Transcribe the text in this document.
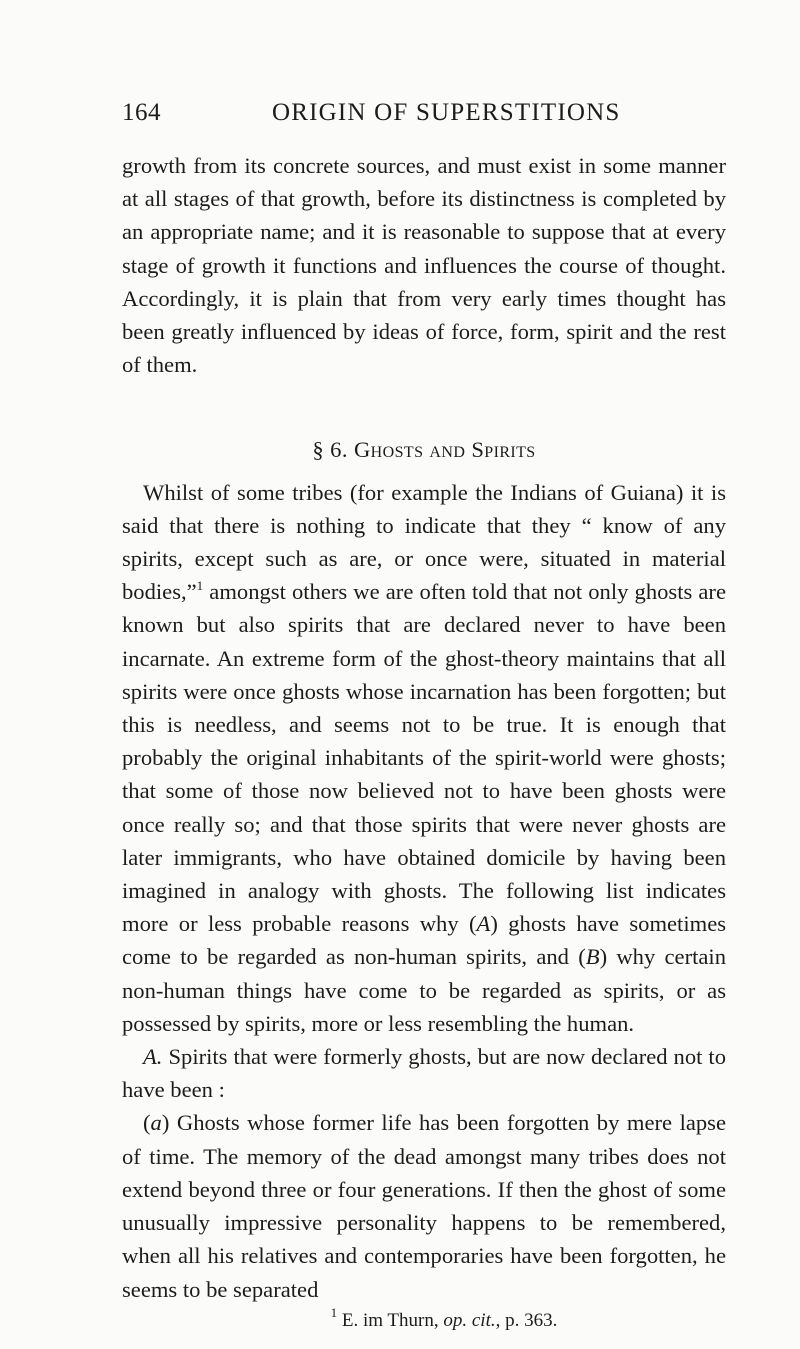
164	ORIGIN OF SUPERSTITIONS

growth from its concrete sources, and must exist in some manner at all stages of that growth, before its distinctness is completed by an appropriate name; and it is reasonable to suppose that at every stage of growth it functions and influences the course of thought. Accordingly, it is plain that from very early times thought has been greatly influenced by ideas of force, form, spirit and the rest of them.

§ 6. Ghosts and Spirits

Whilst of some tribes (for example the Indians of Guiana) it is said that there is nothing to indicate that they “ know of any spirits, except such as are, or once were, situated in material bodies,”$^1$ amongst others we are often told that not only ghosts are known but also spirits that are declared never to have been incarnate. An extreme form of the ghost-theory maintains that all spirits were once ghosts whose incarnation has been forgotten; but this is needless, and seems not to be true. It is enough that probably the original inhabitants of the spirit-world were ghosts; that some of those now believed not to have been ghosts were once really so; and that those spirits that were never ghosts are later immigrants, who have obtained domicile by having been imagined in analogy with ghosts. The following list indicates more or less probable reasons why (A) ghosts have sometimes come to be regarded as non-human spirits, and (B) why certain non-human things have come to be regarded as spirits, or as possessed by spirits, more or less resembling the human.

A. Spirits that were formerly ghosts, but are now declared not to have been :

(a) Ghosts whose former life has been forgotten by mere lapse of time. The memory of the dead amongst many tribes does not extend beyond three or four generations. If then the ghost of some unusually impressive personality happens to be remembered, when all his relatives and contemporaries have been forgotten, he seems to be separated

$^1$ E. im Thurn, op. cit., p. 363.
